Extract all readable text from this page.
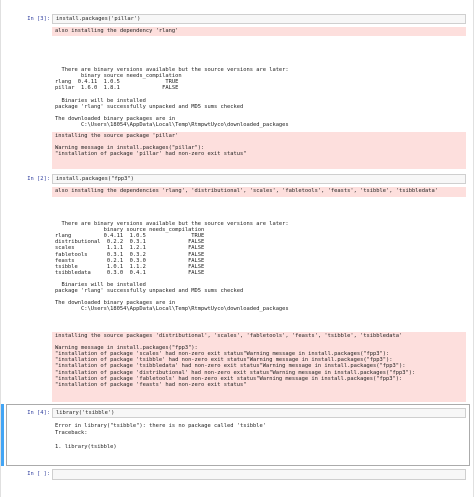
In [3]:	install.packages('pillar')
also installing the dependency 'rlang'

There are binary versions available but the source versions are later:
binary source needs_compilation
rlang  0.4.11  1.0.5              TRUE
pillar  1.6.0  1.8.1             FALSE

Binaries will be installed
package 'rlang' successfully unpacked and MD5 sums checked

The downloaded binary packages are in
C:\Users\18054\AppData\Local\Temp\RtmpwtUyco\downloaded_packages
installing the source package 'pillar'

Warning message in install.packages("pillar"):
"installation of package 'pillar' had non-zero exit status"
In [2]:	install.packages("fpp3")
also installing the dependencies 'rlang', 'distributional', 'scales', 'fabletools', 'feasts', 'tsibble', 'tsibbledata'

There are binary versions available but the source versions are later:
binary source needs_compilation
rlang          0.4.11  1.0.5              TRUE
distributional  0.2.2  0.3.1             FALSE
scales          1.1.1  1.2.1             FALSE
fabletools      0.3.1  0.3.2             FALSE
feasts          0.2.1  0.3.0             FALSE
tsibble         1.0.1  1.1.2             FALSE
tsibbledata     0.3.0  0.4.1             FALSE

Binaries will be installed
package 'rlang' successfully unpacked and MD5 sums checked

The downloaded binary packages are in
C:\Users\18054\AppData\Local\Temp\RtmpwtUyco\downloaded_packages
installing the source packages 'distributional', 'scales', 'fabletools', 'feasts', 'tsibble', 'tsibbledata'

Warning message in install.packages("fpp3"):
"installation of package 'scales' had non-zero exit status"Warning message in install.packages("fpp3"):
"installation of package 'tsibble' had non-zero exit status"Warning message in install.packages("fpp3"):
"installation of package 'tsibbledata' had non-zero exit status"Warning message in install.packages("fpp3"):
"installation of package 'distributional' had non-zero exit status"Warning message in install.packages("fpp3"):
"installation of package 'fabletools' had non-zero exit status"Warning message in install.packages("fpp3"):
"installation of package 'feasts' had non-zero exit status"
In [4]:	library('tsibble')
Error in library("tsibble"): there is no package called 'tsibble'
Traceback:

1. library(tsibble)
In [ ]:
